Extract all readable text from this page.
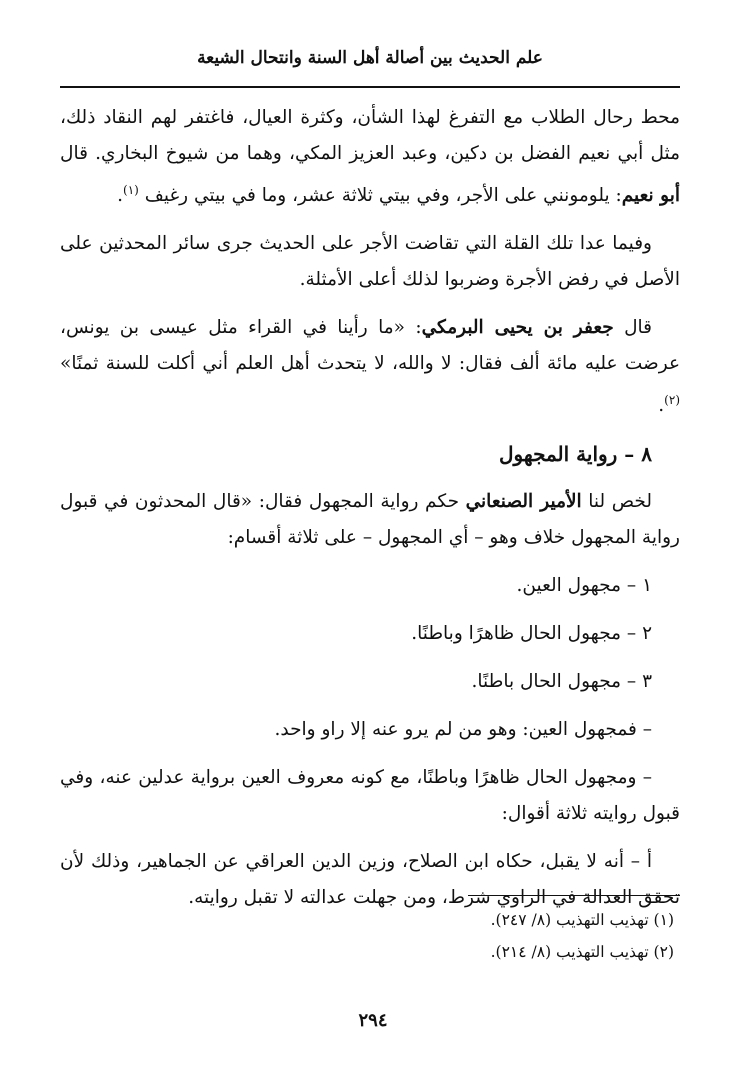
علم الحديث بين أصالة أهل السنة وانتحال الشيعة

محط رحال الطلاب مع التفرغ لهذا الشأن، وكثرة العيال، فاغتفر لهم النقاد ذلك، مثل أبي نعيم الفضل بن دكين، وعبد العزيز المكي، وهما من شيوخ البخاري. قال أبو نعيم: يلومونني على الأجر، وفي بيتي ثلاثة عشر، وما في بيتي رغيف $^{(١)}$.

وفيما عدا تلك القلة التي تقاضت الأجر على الحديث جرى سائر المحدثين على الأصل في رفض الأجرة وضربوا لذلك أعلى الأمثلة.

قال جعفر بن يحيى البرمكي: «ما رأينا في القراء مثل عيسى بن يونس، عرضت عليه مائة ألف فقال: لا والله، لا يتحدث أهل العلم أني أكلت للسنة ثمنًا» $^{(٢)}$.

٨ – رواية المجهول

لخص لنا الأمير الصنعاني حكم رواية المجهول فقال: «قال المحدثون في قبول رواية المجهول خلاف وهو – أي المجهول – على ثلاثة أقسام:

١ – مجهول العين.
٢ – مجهول الحال ظاهرًا وباطنًا.
٣ – مجهول الحال باطنًا.

– فمجهول العين: وهو من لم يرو عنه إلا راو واحد.

– ومجهول الحال ظاهرًا وباطنًا، مع كونه معروف العين برواية عدلين عنه، وفي قبول روايته ثلاثة أقوال:

أ – أنه لا يقبل، حكاه ابن الصلاح، وزين الدين العراقي عن الجماهير، وذلك لأن تحقق العدالة في الراوي شرط، ومن جهلت عدالته لا تقبل روايته.

(١) تهذيب التهذيب (٨/ ٢٤٧).
(٢) تهذيب التهذيب (٨/ ٢١٤).
٢٩٤
